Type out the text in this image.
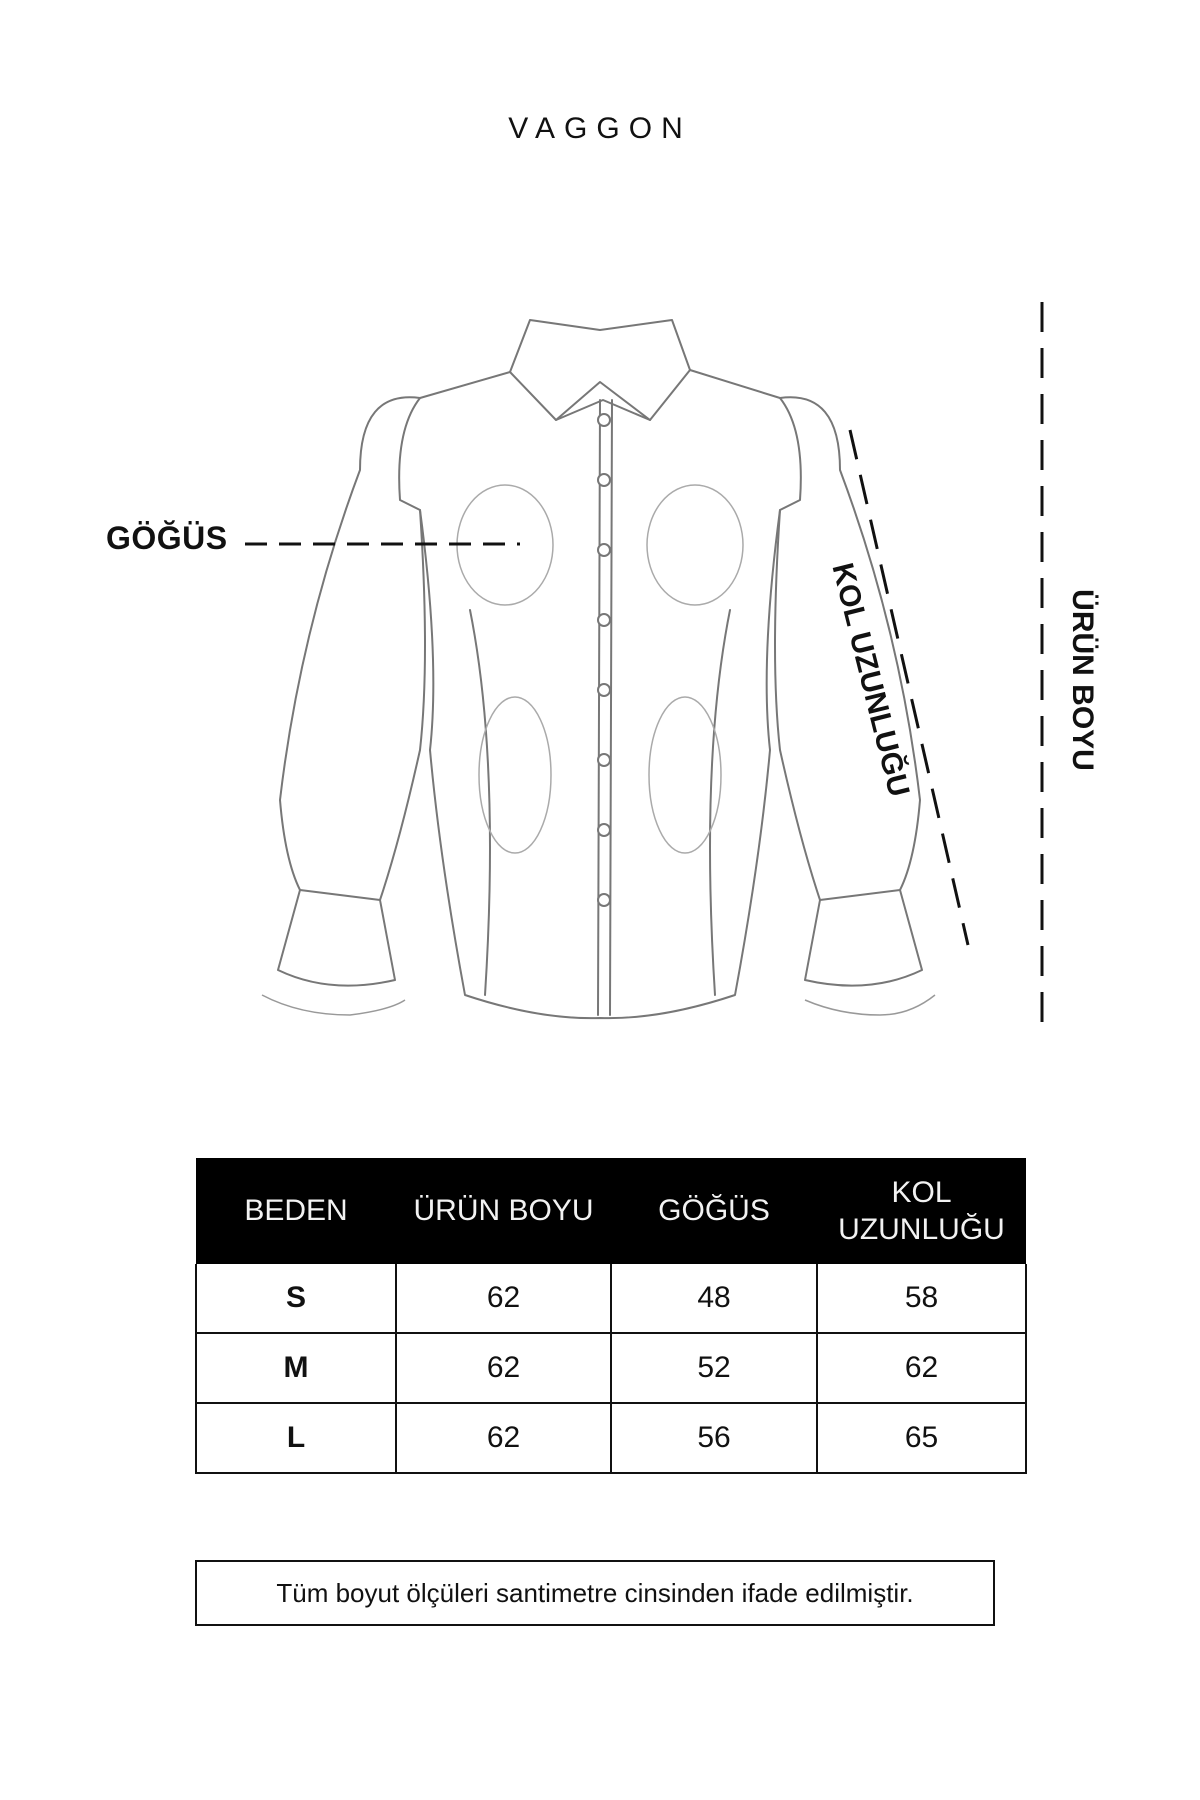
VAGGON
GÖĞÜS
KOL UZUNLUĞU	ÜRÜN BOYU
BEDEN	ÜRÜN BOYU	GÖĞÜS	KOL UZUNLUĞU
S	62	48	58
M	62	52	62
L	62	56	65
Tüm boyut ölçüleri santimetre cinsinden ifade edilmiştir.
